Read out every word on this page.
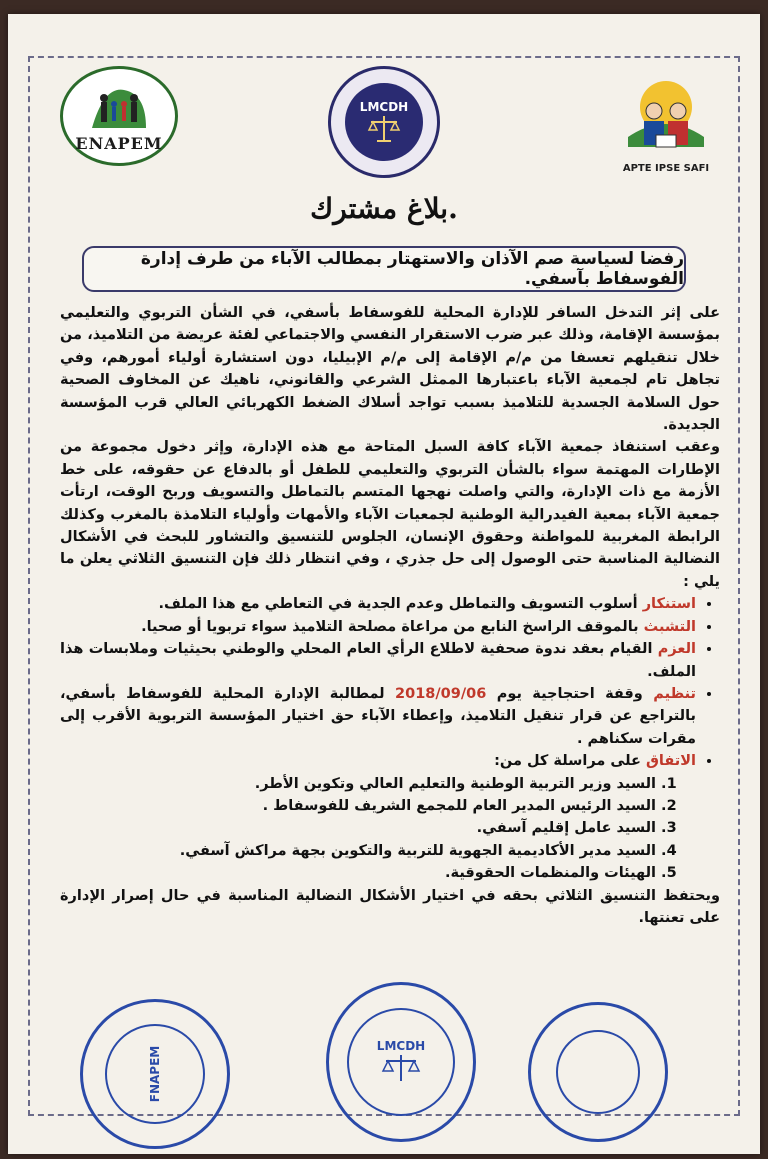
ENAPEM
LMCDH
APTE IPSE SAFI
بلاغ مشترك.
رفضا لسياسة صم الآذان والاستهتار بمطالب الآباء من طرف إدارة الفوسفاط بآسفي.

على إثر التدخل السافر للإدارة المحلية للفوسفاط بأسفي، في الشأن التربوي والتعليمي بمؤسسة الإقامة، وذلك عبر ضرب الاستقرار النفسي والاجتماعي لفئة عريضة من التلاميذ، من خلال تنقيلهم تعسفا من م/م الإقامة إلى م/م الإبيليا، دون استشارة أولياء أمورهم، وفي تجاهل تام لجمعية الآباء باعتبارها الممثل الشرعي والقانوني، ناهيك عن المخاوف الصحية حول السلامة الجسدية للتلاميذ بسبب تواجد أسلاك الضغط الكهربائي العالي قرب المؤسسة الجديدة.

وعقب استنفاذ جمعية الآباء كافة السبل المتاحة مع هذه الإدارة، وإثر دخول مجموعة من الإطارات المهتمة سواء بالشأن التربوي والتعليمي للطفل أو بالدفاع عن حقوقه، على خط الأزمة مع ذات الإدارة، والتي واصلت نهجها المتسم بالتماطل والتسويف وربح الوقت، ارتأت جمعية الآباء بمعية الفيدرالية الوطنية لجمعيات الآباء والأمهات وأولياء التلامذة بالمغرب وكذلك الرابطة المغربية للمواطنة وحقوق الإنسان، الجلوس للتنسيق والتشاور للبحث في الأشكال النضالية المناسبة حتى الوصول إلى حل جذري ، وفي انتظار ذلك فإن التنسيق الثلاثي يعلن ما يلي :

• استنكار أسلوب التسويف والتماطل وعدم الجدية في التعاطي مع هذا الملف.
• التشبث بالموقف الراسخ النابع من مراعاة مصلحة التلاميذ سواء تربويا أو صحيا.
• العزم القيام بعقد ندوة صحفية لاطلاع الرأي العام المحلي والوطني بحيثيات وملابسات هذا الملف.
• تنظيم وقفة احتجاجية يوم 2018/09/06 لمطالبة الإدارة المحلية للفوسفاط بأسفي، بالتراجع عن قرار تنقيل التلاميذ، وإعطاء الآباء حق اختيار المؤسسة التربوية الأقرب إلى مقرات سكناهم .
• الاتفاق على مراسلة كل من:
1. السيد وزير التربية الوطنية والتعليم العالي وتكوين الأطر.
2. السيد الرئيس المدير العام للمجمع الشريف للفوسفاط .
3. السيد عامل إقليم آسفي.
4. السيد مدير الأكاديمية الجهوية للتربية والتكوين بجهة مراكش آسفي.
5. الهيئات والمنظمات الحقوقية.

ويحتفظ التنسيق الثلاثي بحقه في اختيار الأشكال النضالية المناسبة في حال إصرار الإدارة على تعنتها.

FNAPEM	LMCDH
